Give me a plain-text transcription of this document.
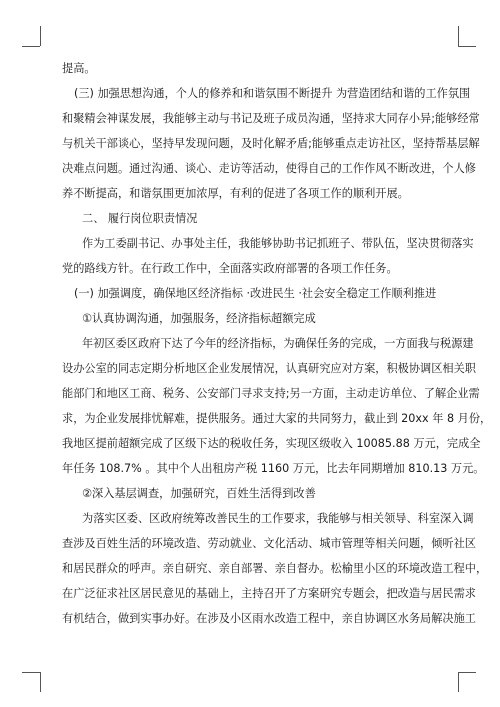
提高。
(三) 加强思想沟通，个人的修养和和谐氛围不断提升 为营造团结和谐的工作氛围
和聚精会神谋发展，我能够主动与书记及班子成员沟通，坚持求大同存小异;能够经常
与机关干部谈心，坚持早发现问题，及时化解矛盾;能够重点走访社区，坚持帮基层解
决难点问题。通过沟通、谈心、走访等活动，使得自己的工作作风不断改进，个人修
养不断提高，和谐氛围更加浓厚，有利的促进了各项工作的顺利开展。
二、 履行岗位职责情况
作为工委副书记、办事处主任，我能够协助书记抓班子、带队伍，坚决贯彻落实
党的路线方针。在行政工作中，全面落实政府部署的各项工作任务。
(一) 加强调度，确保地区经济指标 ·改进民生 ·社会安全稳定工作顺利推进
①认真协调沟通，加强服务，经济指标超额完成
年初区委区政府下达了今年的经济指标，为确保任务的完成，一方面我与税源建
设办公室的同志定期分析地区企业发展情况，认真研究应对方案，积极协调区相关职
能部门和地区工商、税务、公安部门寻求支持;另一方面，主动走访单位、了解企业需
求，为企业发展排忧解难，提供服务。通过大家的共同努力，截止到 20xx 年 8 月份，
我地区提前超额完成了区级下达的税收任务，实现区级收入 10085.88 万元，完成全
年任务 108.7% 。其中个人出租房产税 1160 万元，比去年同期增加 810.13 万元。
②深入基层调查，加强研究，百姓生活得到改善
为落实区委、区政府统筹改善民生的工作要求，我能够与相关领导、科室深入调
查涉及百姓生活的环境改造、劳动就业、文化活动、城市管理等相关问题，倾听社区
和居民群众的呼声。亲自研究、亲自部署、亲自督办。松榆里小区的环境改造工程中，
在广泛征求社区居民意见的基础上，主持召开了方案研究专题会，把改造与居民需求
有机结合，做到实事办好。在涉及小区雨水改造工程中，亲自协调区水务局解决施工
